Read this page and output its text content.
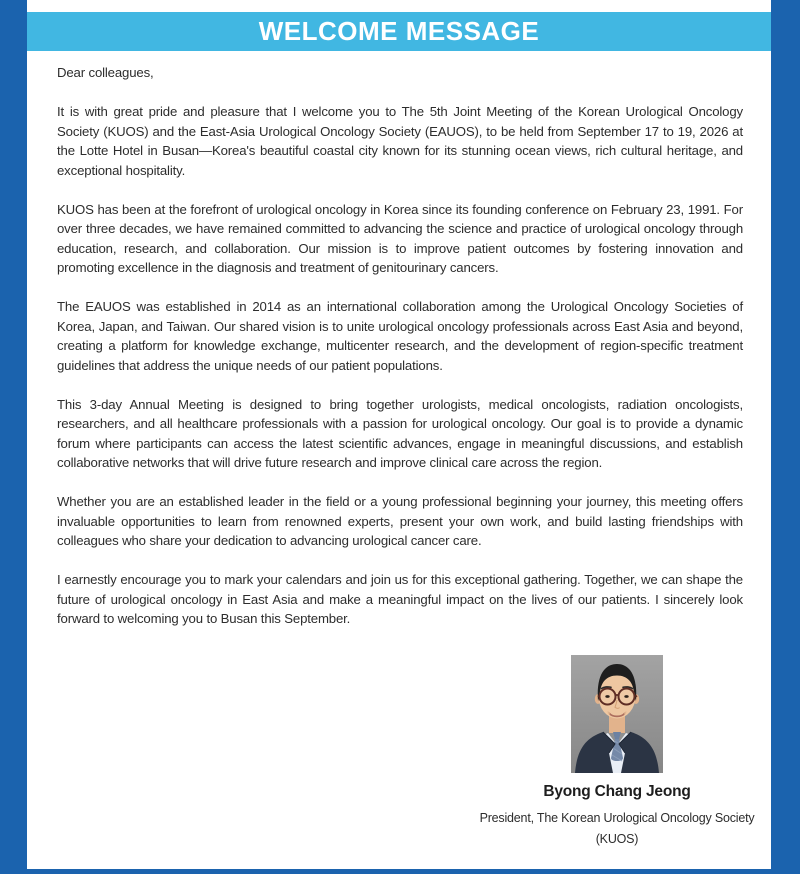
WELCOME MESSAGE

Dear colleagues,

It is with great pride and pleasure that I welcome you to The 5th Joint Meeting of the Korean Urological Oncology Society (KUOS) and the East-Asia Urological Oncology Society (EAUOS), to be held from September 17 to 19, 2026 at the Lotte Hotel in Busan—Korea's beautiful coastal city known for its stunning ocean views, rich cultural heritage, and exceptional hospitality.

KUOS has been at the forefront of urological oncology in Korea since its founding conference on February 23, 1991. For over three decades, we have remained committed to advancing the science and practice of urological oncology through education, research, and collaboration. Our mission is to improve patient outcomes by fostering innovation and promoting excellence in the diagnosis and treatment of genitourinary cancers.

The EAUOS was established in 2014 as an international collaboration among the Urological Oncology Societies of Korea, Japan, and Taiwan. Our shared vision is to unite urological oncology professionals across East Asia and beyond, creating a platform for knowledge exchange, multicenter research, and the development of region-specific treatment guidelines that address the unique needs of our patient populations.

This 3-day Annual Meeting is designed to bring together urologists, medical oncologists, radiation oncologists, researchers, and all healthcare professionals with a passion for urological oncology. Our goal is to provide a dynamic forum where participants can access the latest scientific advances, engage in meaningful discussions, and establish collaborative networks that will drive future research and improve clinical care across the region.

Whether you are an established leader in the field or a young professional beginning your journey, this meeting offers invaluable opportunities to learn from renowned experts, present your own work, and build lasting friendships with colleagues who share your dedication to advancing urological cancer care.

I earnestly encourage you to mark your calendars and join us for this exceptional gathering. Together, we can shape the future of urological oncology in East Asia and make a meaningful impact on the lives of our patients. I sincerely look forward to welcoming you to Busan this September.

Byong Chang Jeong
President, The Korean Urological Oncology Society
(KUOS)
